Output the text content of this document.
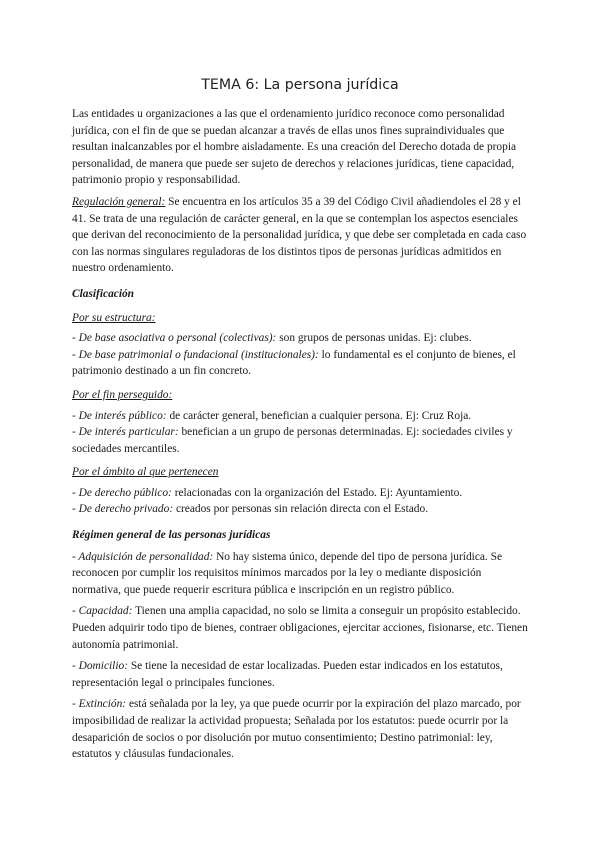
TEMA 6: La persona jurídica

Las entidades u organizaciones a las que el ordenamiento jurídico reconoce como personalidad jurídica, con el fin de que se puedan alcanzar a través de ellas unos fines supraindividuales que resultan inalcanzables por el hombre aisladamente. Es una creación del Derecho dotada de propia personalidad, de manera que puede ser sujeto de derechos y relaciones jurídicas, tiene capacidad, patrimonio propio y responsabilidad.

Regulación general: Se encuentra en los artículos 35 a 39 del Código Civil añadiendoles el 28 y el 41. Se trata de una regulación de carácter general, en la que se contemplan los aspectos esenciales que derivan del reconocimiento de la personalidad jurídica, y que debe ser completada en cada caso con las normas singulares reguladoras de los distintos tipos de personas jurídicas admitidos en nuestro ordenamiento.

Clasificación
Por su estructura:

- De base asociativa o personal (colectivas): son grupos de personas unidas. Ej: clubes.

- De base patrimonial o fundacional (institucionales): lo fundamental es el conjunto de bienes, el patrimonio destinado a un fin concreto.

Por el fin perseguido:

- De interés público: de carácter general, benefician a cualquier persona. Ej: Cruz Roja.

- De interés particular: benefician a un grupo de personas determinadas. Ej: sociedades civiles y sociedades mercantiles.

Por el ámbito al que pertenecen

- De derecho público: relacionadas con la organización del Estado. Ej: Ayuntamiento.

- De derecho privado: creados por personas sin relación directa con el Estado.

Régimen general de las personas jurídicas

- Adquisición de personalidad: No hay sistema único, depende del tipo de persona jurídica. Se reconocen por cumplir los requisitos mínimos marcados por la ley o mediante disposición normativa, que puede requerir escritura pública e inscripción en un registro público.

- Capacidad: Tienen una amplia capacidad, no solo se limita a conseguir un propósito establecido. Pueden adquirir todo tipo de bienes, contraer obligaciones, ejercitar acciones, fisionarse, etc. Tienen autonomía patrimonial.

- Domicilio: Se tiene la necesidad de estar localizadas. Pueden estar indicados en los estatutos, representación legal o principales funciones.

- Extinción: está señalada por la ley, ya que puede ocurrir por la expiración del plazo marcado, por imposibilidad de realizar la actividad propuesta; Señalada por los estatutos: puede ocurrir por la desaparición de socios o por disolución por mutuo consentimiento; Destino patrimonial: ley, estatutos y cláusulas fundacionales.
